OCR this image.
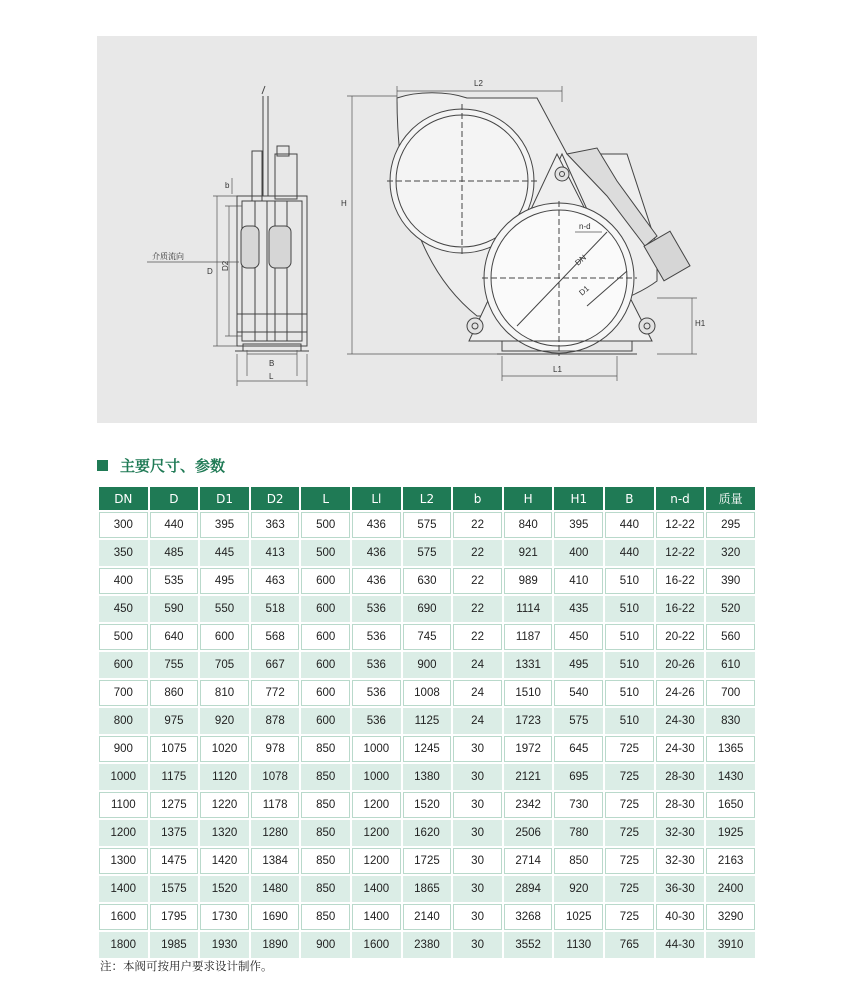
介质流向
D
D2
B
L
b
L2
H
n-d
DN
D1
H1
L1
主要尺寸、参数
DN	D	D1	D2	L	Ll	L2	b	H	H1	B	n-d	质量
300	440	395	363	500	436	575	22	840	395	440	12-22	295
350	485	445	413	500	436	575	22	921	400	440	12-22	320
400	535	495	463	600	436	630	22	989	410	510	16-22	390
450	590	550	518	600	536	690	22	1114	435	510	16-22	520
500	640	600	568	600	536	745	22	1187	450	510	20-22	560
600	755	705	667	600	536	900	24	1331	495	510	20-26	610
700	860	810	772	600	536	1008	24	1510	540	510	24-26	700
800	975	920	878	600	536	1125	24	1723	575	510	24-30	830
900	1075	1020	978	850	1000	1245	30	1972	645	725	24-30	1365
1000	1175	1120	1078	850	1000	1380	30	2121	695	725	28-30	1430
1100	1275	1220	1178	850	1200	1520	30	2342	730	725	28-30	1650
1200	1375	1320	1280	850	1200	1620	30	2506	780	725	32-30	1925
1300	1475	1420	1384	850	1200	1725	30	2714	850	725	32-30	2163
1400	1575	1520	1480	850	1400	1865	30	2894	920	725	36-30	2400
1600	1795	1730	1690	850	1400	2140	30	3268	1025	725	40-30	3290
1800	1985	1930	1890	900	1600	2380	30	3552	1130	765	44-30	3910
注：本阀可按用户要求设计制作。
